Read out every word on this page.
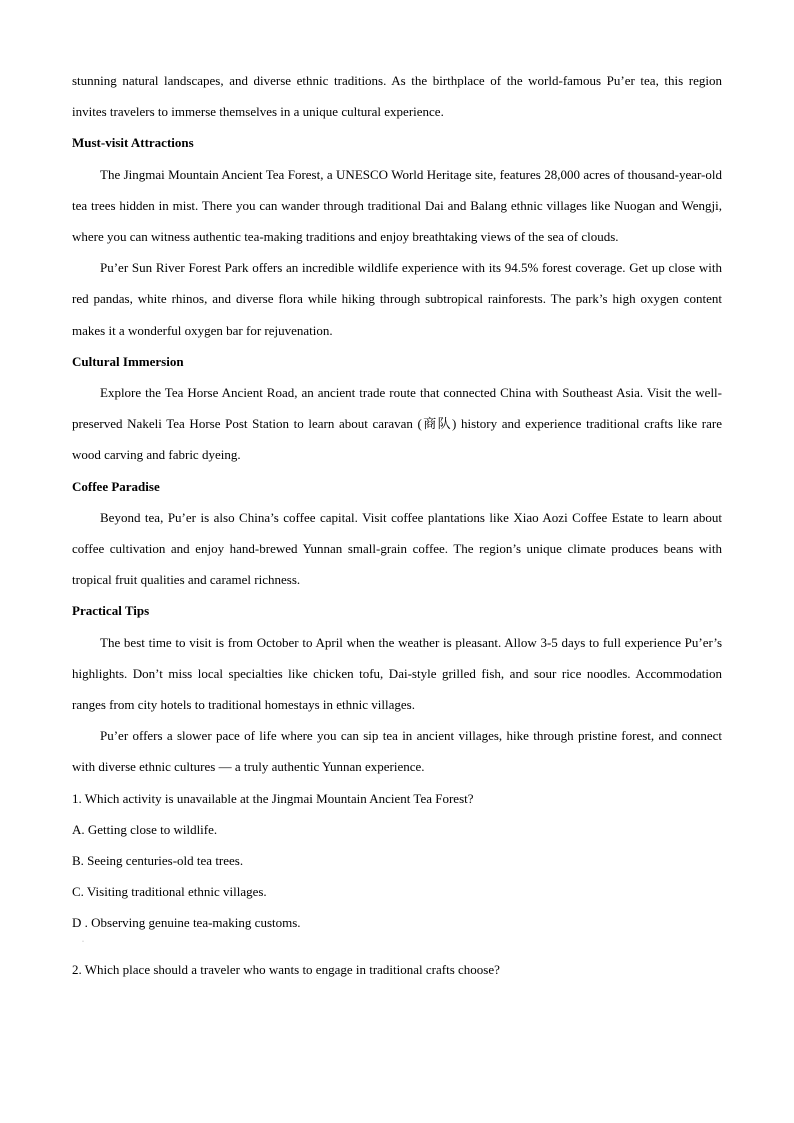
stunning natural landscapes, and diverse ethnic traditions. As the birthplace of the world-famous Pu’er tea, this region invites travelers to immerse themselves in a unique cultural experience.

Must-visit Attractions

The Jingmai Mountain Ancient Tea Forest, a UNESCO World Heritage site, features 28,000 acres of thousand-year-old tea trees hidden in mist. There you can wander through traditional Dai and Balang ethnic villages like Nuogan and Wengji, where you can witness authentic tea-making traditions and enjoy breathtaking views of the sea of clouds.

Pu’er Sun River Forest Park offers an incredible wildlife experience with its 94.5% forest coverage. Get up close with red pandas, white rhinos, and diverse flora while hiking through subtropical rainforests. The park’s high oxygen content makes it a wonderful oxygen bar for rejuvenation.

Cultural Immersion

Explore the Tea Horse Ancient Road, an ancient trade route that connected China with Southeast Asia. Visit the well-preserved Nakeli Tea Horse Post Station to learn about caravan (商队) history and experience traditional crafts like rare wood carving and fabric dyeing.

Coffee Paradise

Beyond tea, Pu’er is also China’s coffee capital. Visit coffee plantations like Xiao Aozi Coffee Estate to learn about coffee cultivation and enjoy hand-brewed Yunnan small-grain coffee. The region’s unique climate produces beans with tropical fruit qualities and caramel richness.

Practical Tips

The best time to visit is from October to April when the weather is pleasant. Allow 3-5 days to full experience Pu’er’s highlights. Don’t miss local specialties like chicken tofu, Dai-style grilled fish, and sour rice noodles. Accommodation ranges from city hotels to traditional homestays in ethnic villages.

Pu’er offers a slower pace of life where you can sip tea in ancient villages, hike through pristine forest, and connect with diverse ethnic cultures — a truly authentic Yunnan experience.

1. Which activity is unavailable at the Jingmai Mountain Ancient Tea Forest?

A. Getting close to wildlife.

B. Seeing centuries-old tea trees.

C. Visiting traditional ethnic villages.

D . Observing genuine tea-making customs.

·

2. Which place should a traveler who wants to engage in traditional crafts choose?
